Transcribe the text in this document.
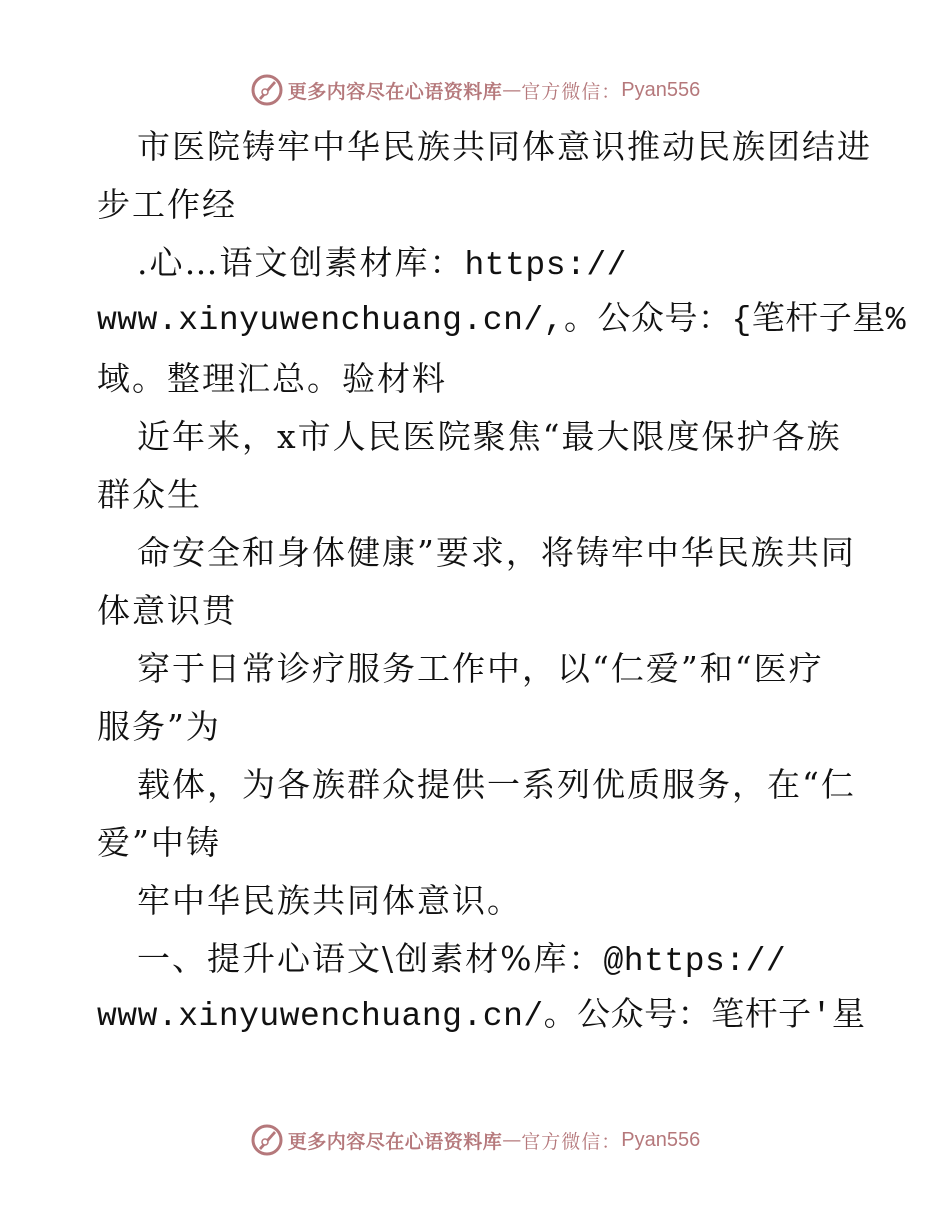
更多内容尽在心语资料库 — 官方微信： Pyan556
市医院铸牢中华民族共同体意识推动民族团结进
步工作经
.心…语文创素材库：https://
www.xinyuwenchuang.cn/,。公众号：{笔杆子星%
域。整理汇总。验材料
近年来，x市人民医院聚焦“最大限度保护各族
群众生
命安全和身体健康”要求，将铸牢中华民族共同
体意识贯
穿于日常诊疗服务工作中，以“仁爱”和“医疗
服务”为
载体，为各族群众提供一系列优质服务，在“仁
爱”中铸
牢中华民族共同体意识。
一、提升心语文\创素材%库：@https://
www.xinyuwenchuang.cn/。公众号：笔杆子′星
更多内容尽在心语资料库 — 官方微信： Pyan556
